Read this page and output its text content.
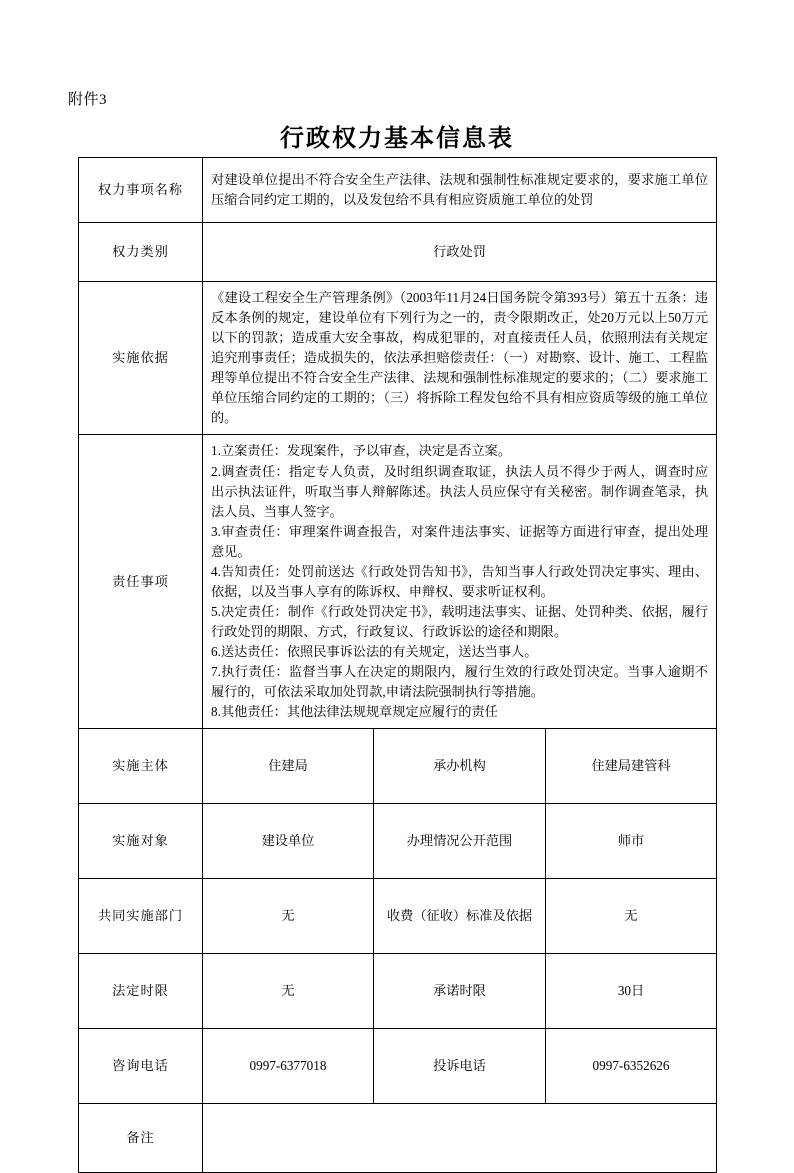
附件3
行政权力基本信息表
权力事项名称	对建设单位提出不符合安全生产法律、法规和强制性标准规定要求的，要求施工单位压缩合同约定工期的，以及发包给不具有相应资质施工单位的处罚		
权力类别	行政处罚		
实施依据	《建设工程安全生产管理条例》（2003年11月24日国务院令第393号）第五十五条：违反本条例的规定，建设单位有下列行为之一的，责令限期改正，处20万元以上50万元以下的罚款；造成重大安全事故，构成犯罪的，对直接责任人员，依照刑法有关规定追究刑事责任；造成损失的，依法承担赔偿责任：（一）对勘察、设计、施工、工程监理等单位提出不符合安全生产法律、法规和强制性标准规定的要求的；（二）要求施工单位压缩合同约定的工期的；（三）将拆除工程发包给不具有相应资质等级的施工单位的。		
责任事项	
1.立案责任：发现案件，予以审查，决定是否立案。
2.调查责任：指定专人负责，及时组织调查取证，执法人员不得少于两人，调查时应出示执法证件，听取当事人辩解陈述。执法人员应保守有关秘密。制作调查笔录，执法人员、当事人签字。
3.审查责任：审理案件调查报告，对案件违法事实、证据等方面进行审查，提出处理意见。
4.告知责任：处罚前送达《行政处罚告知书》，告知当事人行政处罚决定事实、理由、依据，以及当事人享有的陈诉权、申辩权、要求听证权利。
5.决定责任：制作《行政处罚决定书》，载明违法事实、证据、处罚种类、依据，履行行政处罚的期限、方式，行政复议、行政诉讼的途径和期限。
6.送达责任：依照民事诉讼法的有关规定，送达当事人。
7.执行责任：监督当事人在决定的期限内，履行生效的行政处罚决定。当事人逾期不履行的，可依法采取加处罚款,申请法院强制执行等措施。
8.其他责任：其他法律法规规章规定应履行的责任

实施主体	住建局	承办机构	住建局建管科
实施对象	建设单位	办理情况公开范围	师市
共同实施部门	无	收费（征收）标准及依据	无
法定时限	无	承诺时限	30日
咨询电话	0997-6377018	投诉电话	0997-6352626
备注			
